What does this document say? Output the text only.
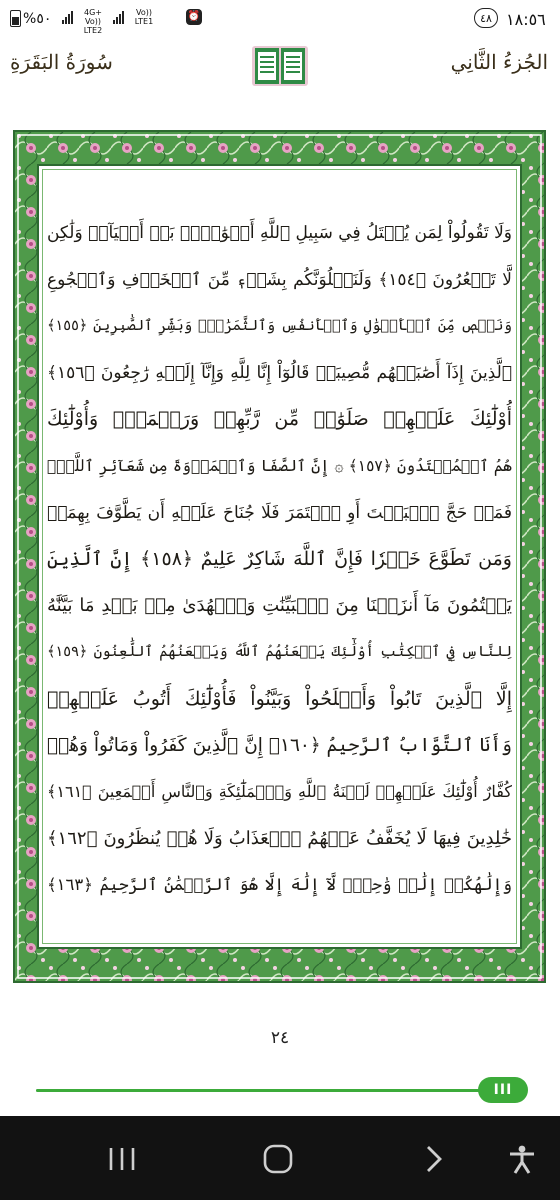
%٥٠	4G+ Vo)) LTE2
Vo)) LTE1	⏰	٤٨ ١٨:٥٦
سُورَةُ البَقَرَةِ	الجُزءُ الثَّانِي
وَلَا تَقُولُواْ لِمَن يُقۡتَلُ فِي سَبِيلِ ٱللَّهِ أَمۡوَٰتُۢۚ بَلۡ أَحۡيَآءٞ وَلَٰكِن
لَّا تَشۡعُرُونَ ﴿١٥٤﴾ وَلَنَبۡلُوَنَّكُم بِشَيۡءٖ مِّنَ ٱلۡخَوۡفِ وَٱلۡجُوعِ
وَنَقۡصٖ مِّنَ ٱلۡأَمۡوَٰلِ وَٱلۡأَنفُسِ وَٱلثَّمَرَٰتِۗ وَبَشِّرِ ٱلصَّٰبِرِينَ ﴿١٥٥﴾
ٱلَّذِينَ إِذَآ أَصَٰبَتۡهُم مُّصِيبَةٞ قَالُوٓاْ إِنَّا لِلَّهِ وَإِنَّآ إِلَيۡهِ رَٰجِعُونَ ﴿١٥٦﴾
أُوْلَٰٓئِكَ عَلَيۡهِمۡ صَلَوَٰتٞ مِّن رَّبِّهِمۡ وَرَحۡمَةٞۖ وَأُوْلَٰٓئِكَ
هُمُ ٱلۡمُهۡتَدُونَ ﴿١٥٧﴾ ۞ إِنَّ ٱلصَّفَا وَٱلۡمَرۡوَةَ مِن شَعَآئِرِ ٱللَّهِۖ
فَمَنۡ حَجَّ ٱلۡبَيۡتَ أَوِ ٱعۡتَمَرَ فَلَا جُنَاحَ عَلَيۡهِ أَن يَطَّوَّفَ بِهِمَاۚ
وَمَن تَطَوَّعَ خَيۡرٗا فَإِنَّ ٱللَّهَ شَاكِرٌ عَلِيمٌ ﴿١٥٨﴾ إِنَّ ٱلَّذِينَ
يَكۡتُمُونَ مَآ أَنزَلۡنَا مِنَ ٱلۡبَيِّنَٰتِ وَٱلۡهُدَىٰ مِنۢ بَعۡدِ مَا بَيَّنَّٰهُ
لِلنَّاسِ فِي ٱلۡكِتَٰبِ أُوْلَٰٓئِكَ يَلۡعَنُهُمُ ٱللَّهُ وَيَلۡعَنُهُمُ ٱللَّٰعِنُونَ ﴿١٥٩﴾
إِلَّا ٱلَّذِينَ تَابُواْ وَأَصۡلَحُواْ وَبَيَّنُواْ فَأُوْلَٰٓئِكَ أَتُوبُ عَلَيۡهِمۡ
وَأَنَا ٱلتَّوَّابُ ٱلرَّحِيمُ ﴿١٦٠﴾ إِنَّ ٱلَّذِينَ كَفَرُواْ وَمَاتُواْ وَهُمۡ
كُفَّارٌ أُوْلَٰٓئِكَ عَلَيۡهِمۡ لَعۡنَةُ ٱللَّهِ وَٱلۡمَلَٰٓئِكَةِ وَٱلنَّاسِ أَجۡمَعِينَ ﴿١٦١﴾
خَٰلِدِينَ فِيهَا لَا يُخَفَّفُ عَنۡهُمُ ٱلۡعَذَابُ وَلَا هُمۡ يُنظَرُونَ ﴿١٦٢﴾
وَإِلَٰهُكُمۡ إِلَٰهٞ وَٰحِدٞۖ لَّآ إِلَٰهَ إِلَّا هُوَ ٱلرَّحۡمَٰنُ ٱلرَّحِيمُ ﴿١٦٣﴾
٢٤
III
